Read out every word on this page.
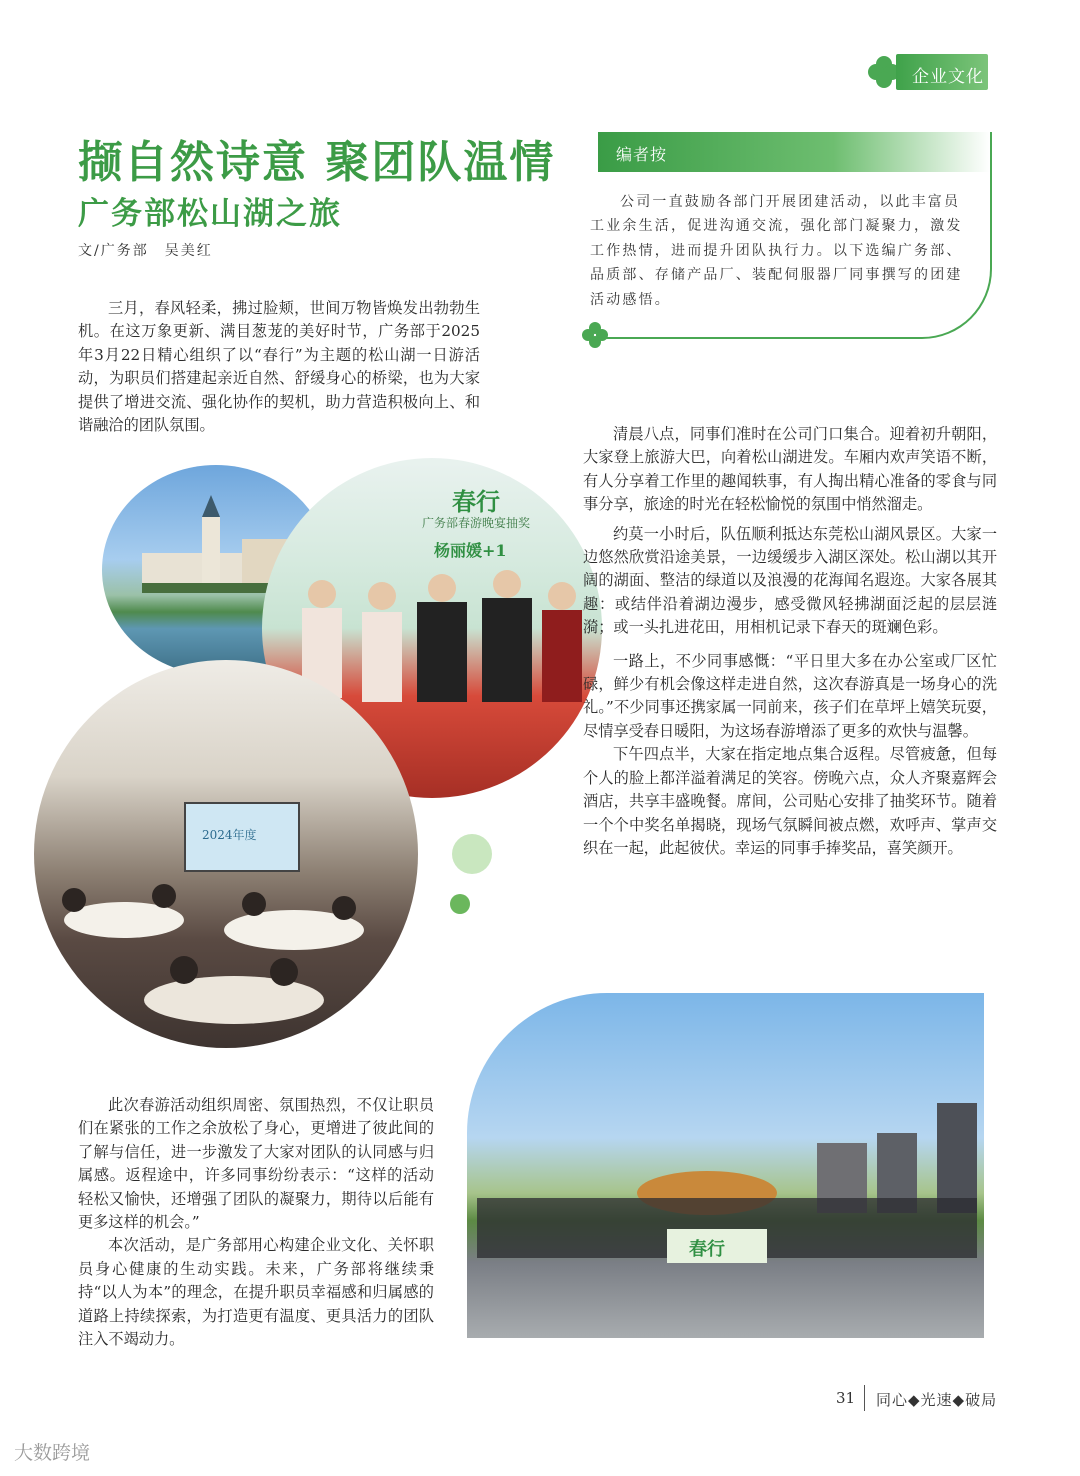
企业文化
撷自然诗意 聚团队温情
广务部松山湖之旅
文/广务部　吴美红
编者按
公司一直鼓励各部门开展团建活动，以此丰富员工业余生活，促进沟通交流，强化部门凝聚力，激发工作热情，进而提升团队执行力。以下选编广务部、品质部、存储产品厂、装配伺服器厂同事撰写的团建活动感悟。

三月，春风轻柔，拂过脸颊，世间万物皆焕发出勃勃生机。在这万象更新、满目葱茏的美好时节，广务部于2025年3月22日精心组织了以“春行”为主题的松山湖一日游活动，为职员们搭建起亲近自然、舒缓身心的桥梁，也为大家提供了增进交流、强化协作的契机，助力营造积极向上、和谐融洽的团队氛围。

春行
广务部春游晚宴抽奖
杨丽媛+1
2024年度

清晨八点，同事们准时在公司门口集合。迎着初升朝阳，大家登上旅游大巴，向着松山湖进发。车厢内欢声笑语不断，有人分享着工作里的趣闻轶事，有人掏出精心准备的零食与同事分享，旅途的时光在轻松愉悦的氛围中悄然溜走。

约莫一小时后，队伍顺利抵达东莞松山湖风景区。大家一边悠然欣赏沿途美景，一边缓缓步入湖区深处。松山湖以其开阔的湖面、整洁的绿道以及浪漫的花海闻名遐迩。大家各展其趣：或结伴沿着湖边漫步，感受微风轻拂湖面泛起的层层涟漪；或一头扎进花田，用相机记录下春天的斑斓色彩。

一路上，不少同事感慨：“平日里大多在办公室或厂区忙碌，鲜少有机会像这样走进自然，这次春游真是一场身心的洗礼。”不少同事还携家属一同前来，孩子们在草坪上嬉笑玩耍，尽情享受春日暖阳，为这场春游增添了更多的欢快与温馨。

下午四点半，大家在指定地点集合返程。尽管疲惫，但每个人的脸上都洋溢着满足的笑容。傍晚六点，众人齐聚嘉辉会酒店，共享丰盛晚餐。席间，公司贴心安排了抽奖环节。随着一个个中奖名单揭晓，现场气氛瞬间被点燃，欢呼声、掌声交织在一起，此起彼伏。幸运的同事手捧奖品，喜笑颜开。

春行

此次春游活动组织周密、氛围热烈，不仅让职员们在紧张的工作之余放松了身心，更增进了彼此间的了解与信任，进一步激发了大家对团队的认同感与归属感。返程途中，许多同事纷纷表示：“这样的活动轻松又愉快，还增强了团队的凝聚力，期待以后能有更多这样的机会。”

本次活动，是广务部用心构建企业文化、关怀职员身心健康的生动实践。未来，广务部将继续秉持“以人为本”的理念，在提升职员幸福感和归属感的道路上持续探索，为打造更有温度、更具活力的团队注入不竭动力。

31 同心◆光速◆破局
大数跨境
